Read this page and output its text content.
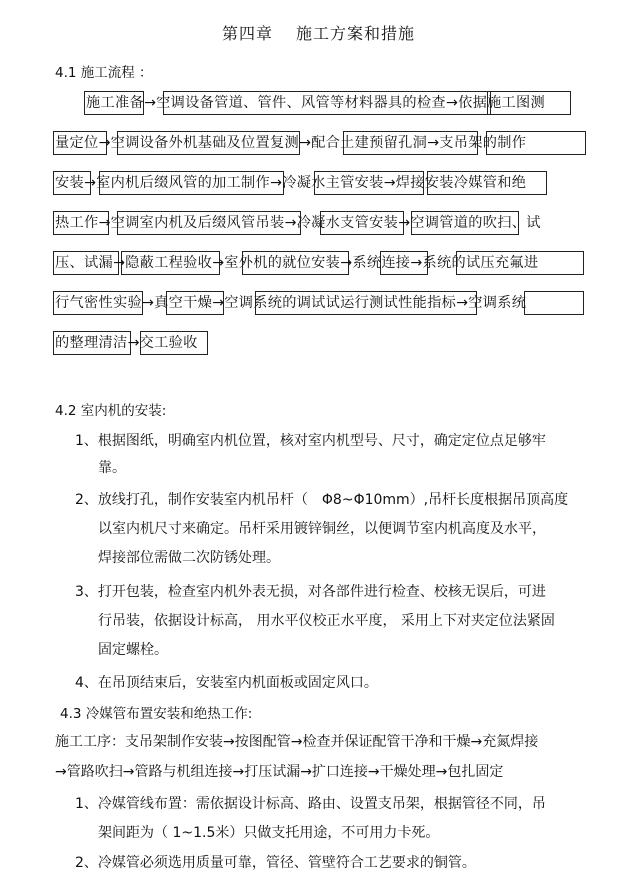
第四章 施工方案和措施
4.1 施工流程 ：
施工准备→空调设备管道、管件、风管等材料器具的检查→依据施工图测
量定位→空调设备外机基础及位置复测→配合土建预留孔洞→支吊架的制作
安装→室内机后缀风管的加工制作→冷凝水主管安装→焊接安装冷媒管和绝
热工作→空调室内机及后缀风管吊装→冷凝水支管安装→空调管道的吹扫、试
压、试漏→隐蔽工程验收→室外机的就位安装→系统连接→系统的试压充氟进
行气密性实验→真空干燥→空调系统的调试试运行测试性能指标→空调系统
的整理清洁→交工验收
4.2 室内机的安装:
1、根据图纸，明确室内机位置，核对室内机型号、尺寸，确定定位点足够牢
靠。
2、放线打孔，制作安装室内机吊杆（　Φ8~Φ10mm）,吊杆长度根据吊顶高度
以室内机尺寸来确定。吊杆采用镀锌铜丝，以便调节室内机高度及水平，
焊接部位需做二次防锈处理。
3、打开包装，检查室内机外表无损，对各部件进行检查、校核无误后，可进
行吊装，依据设计标高， 用水平仪校正水平度， 采用上下对夹定位法紧固
固定螺栓。
4、在吊顶结束后，安装室内机面板或固定风口。
4.3 冷媒管布置安装和绝热工作:
施工工序：支吊架制作安装→按图配管→检查并保证配管干净和干燥→充氮焊接
→管路吹扫→管路与机组连接→打压试漏→扩口连接→干燥处理→包扎固定
1、冷媒管线布置：需依据设计标高、路由、设置支吊架，根据管径不同，吊
架间距为（ 1~1.5米）只做支托用途，不可用力卡死。
2、冷媒管必须选用质量可靠，管径、管壁符合工艺要求的铜管。
